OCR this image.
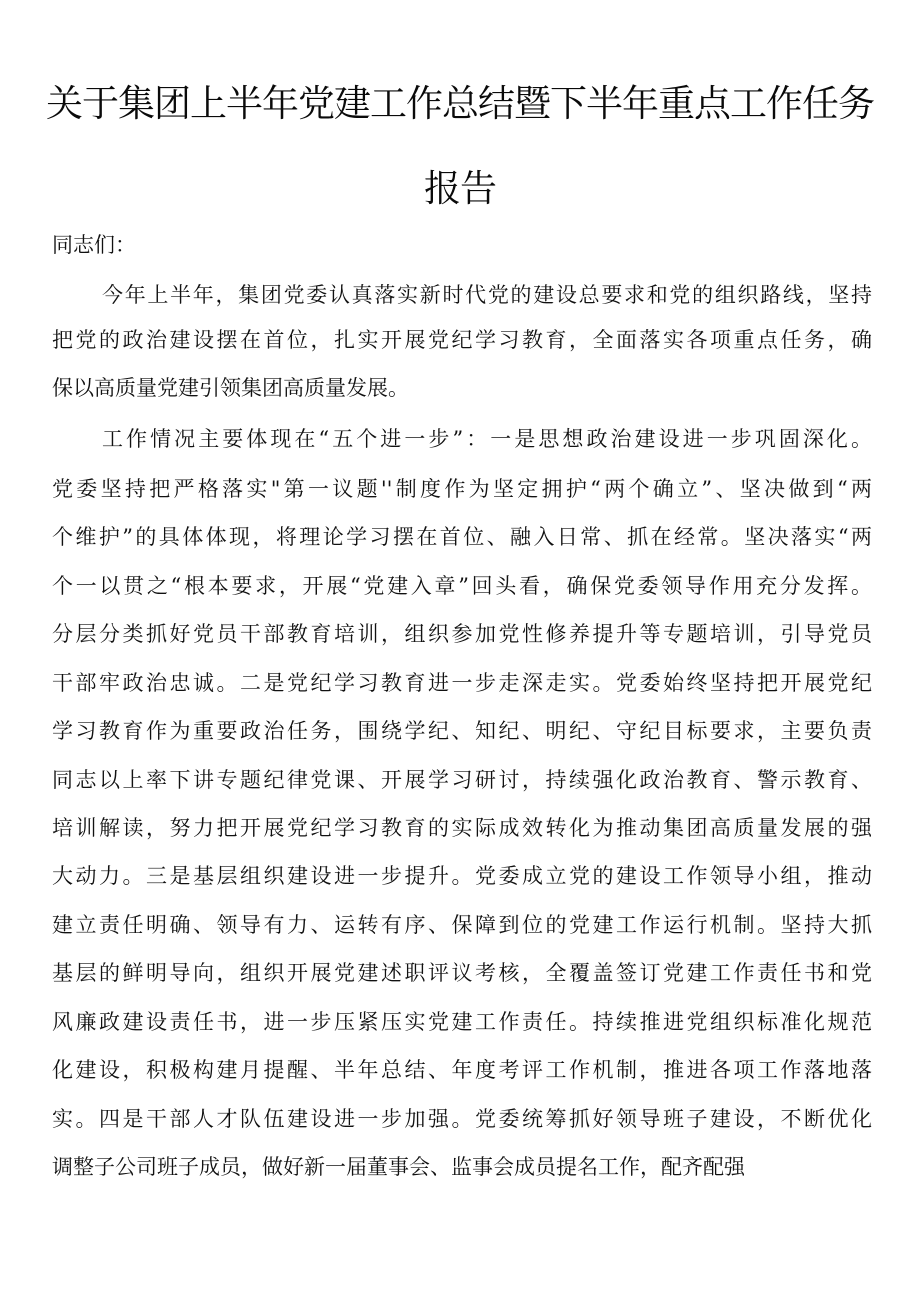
关于集团上半年党建工作总结暨下半年重点工作任务
报告
同志们：
今年上半年，集团党委认真落实新时代党的建设总要求和党的组织路线，坚持
把党的政治建设摆在首位，扎实开展党纪学习教育，全面落实各项重点任务，确
保以高质量党建引领集团高质量发展。
工作情况主要体现在“五个进一步”：一是思想政治建设进一步巩固深化。
党委坚持把严格落实"第一议题''制度作为坚定拥护“两个确立”、坚决做到“两
个维护”的具体体现，将理论学习摆在首位、融入日常、抓在经常。坚决落实“两
个一以贯之“根本要求，开展“党建入章”回头看，确保党委领导作用充分发挥。
分层分类抓好党员干部教育培训，组织参加党性修养提升等专题培训，引导党员
干部牢政治忠诚。二是党纪学习教育进一步走深走实。党委始终坚持把开展党纪
学习教育作为重要政治任务，围绕学纪、知纪、明纪、守纪目标要求，主要负责
同志以上率下讲专题纪律党课、开展学习研讨，持续强化政治教育、警示教育、
培训解读，努力把开展党纪学习教育的实际成效转化为推动集团高质量发展的强
大动力。三是基层组织建设进一步提升。党委成立党的建设工作领导小组，推动
建立责任明确、领导有力、运转有序、保障到位的党建工作运行机制。坚持大抓
基层的鲜明导向，组织开展党建述职评议考核，全覆盖签订党建工作责任书和党
风廉政建设责任书，进一步压紧压实党建工作责任。持续推进党组织标准化规范
化建设，积极构建月提醒、半年总结、年度考评工作机制，推进各项工作落地落
实。四是干部人才队伍建设进一步加强。党委统筹抓好领导班子建设，不断优化
调整子公司班子成员，做好新一届董事会、监事会成员提名工作，配齐配强
